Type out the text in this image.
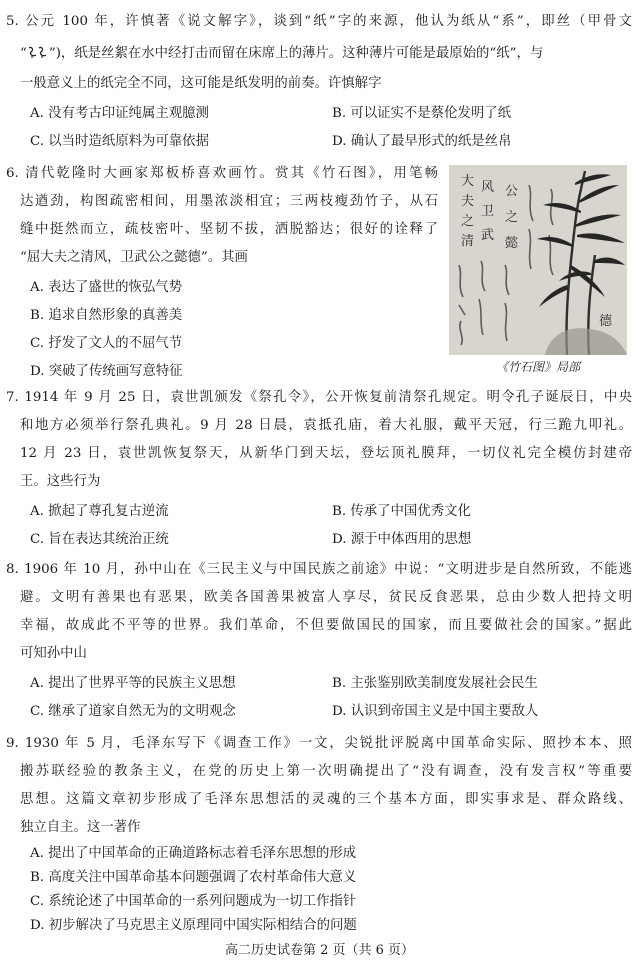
5. 公元 100 年，许慎著《说文解字》，谈到“纸”字的来源，他认为纸从“系”，即丝（甲骨文
“ ”)，纸是丝絮在水中经打击而留在床席上的薄片。这种薄片可能是最原始的“纸”，与
一般意义上的纸完全不同，这可能是纸发明的前奏。许慎解字
A. 没有考古印证纯属主观臆测	B. 可以证实不是蔡伦发明了纸
C. 以当时造纸原料为可靠依据	D. 确认了最早形式的纸是丝帛
6. 清代乾隆时大画家郑板桥喜欢画竹。赏其《竹石图》，用笔畅
达遒劲，构图疏密相间，用墨浓淡相宜；三两枝瘦劲竹子，从石
缝中挺然而立，疏枝密叶、坚韧不拔，洒脱豁达；很好的诠释了
“屈大夫之清风，卫武公之懿德”。其画
A. 表达了盛世的恢弘气势
B. 追求自然形象的真善美
C. 抒发了文人的不屈气节
D. 突破了传统画写意特征
大
夫
之
清
风
卫
武
公
之
懿
德
《竹石图》局部
7. 1914 年 9 月 25 日，袁世凯颁发《祭孔令》，公开恢复前清祭孔规定。明令孔子诞辰日，中央
和地方必须举行祭孔典礼。9 月 28 日晨，袁抵孔庙，着大礼服，戴平天冠，行三跪九叩礼。
12 月 23 日，袁世凯恢复祭天，从新华门到天坛，登坛顶礼膜拜，一切仪礼完全模仿封建帝
王。这些行为
A. 掀起了尊孔复古逆流	B. 传承了中国优秀文化
C. 旨在表达其统治正统	D. 源于中体西用的思想
8. 1906 年 10 月，孙中山在《三民主义与中国民族之前途》中说：“文明进步是自然所致，不能逃
避。文明有善果也有恶果，欧美各国善果被富人享尽，贫民反食恶果，总由少数人把持文明
幸福，故成此不平等的世界。我们革命，不但要做国民的国家，而且要做社会的国家。”据此
可知孙中山
A. 提出了世界平等的民族主义思想	B. 主张鉴别欧美制度发展社会民生
C. 继承了道家自然无为的文明观念	D. 认识到帝国主义是中国主要敌人
9. 1930 年 5 月，毛泽东写下《调查工作》一文，尖锐批评脱离中国革命实际、照抄本本、照
搬苏联经验的教条主义，在党的历史上第一次明确提出了“没有调查，没有发言权”等重要
思想。这篇文章初步形成了毛泽东思想活的灵魂的三个基本方面，即实事求是、群众路线、
独立自主。这一著作
A. 提出了中国革命的正确道路标志着毛泽东思想的形成
B. 高度关注中国革命基本问题强调了农村革命伟大意义
C. 系统论述了中国革命的一系列问题成为一切工作指针
D. 初步解决了马克思主义原理同中国实际相结合的问题
高二历史试卷第 2 页（共 6 页）
